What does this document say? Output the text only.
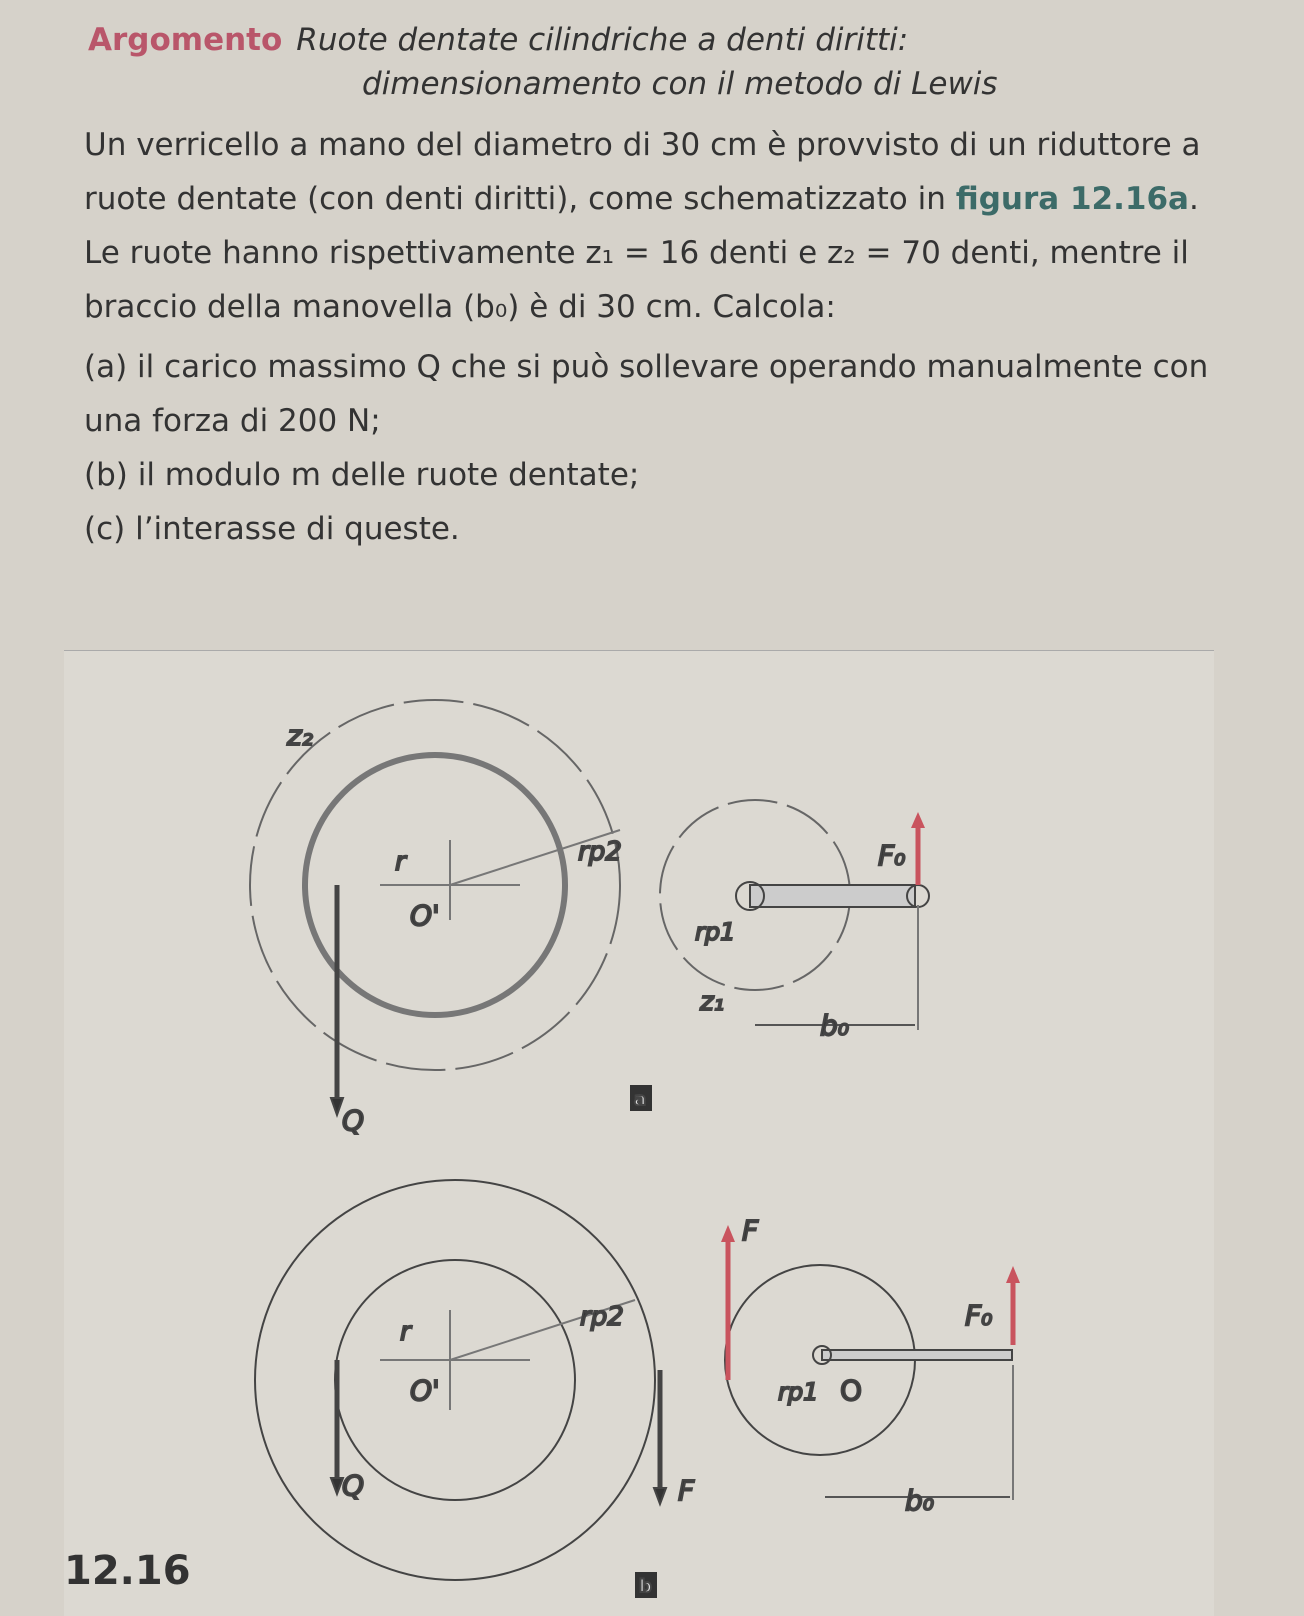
Argomento Ruote dentate cilindriche a denti diritti:
dimensionamento con il metodo di Lewis
Un verricello a mano del diametro di 30 cm è provvisto di un riduttore a ruote dentate (con denti diritti), come schematizzato in figura 12.16a. Le ruote hanno rispettivamente z₁ = 16 denti e z₂ = 70 denti, mentre il braccio della manovella (b₀) è di 30 cm. Calcola:
(a) il carico massimo Q che si può sollevare operando manualmente con una forza di 200 N;
(b) il modulo m delle ruote dentate;
(c) l’interasse di queste.
z₂
r
O'
rp2
Q
F₀
rp1
z₁
b₀
a
r
O'
rp2
Q	F
F
F₀
rp1 O
b₀
b
12.16
